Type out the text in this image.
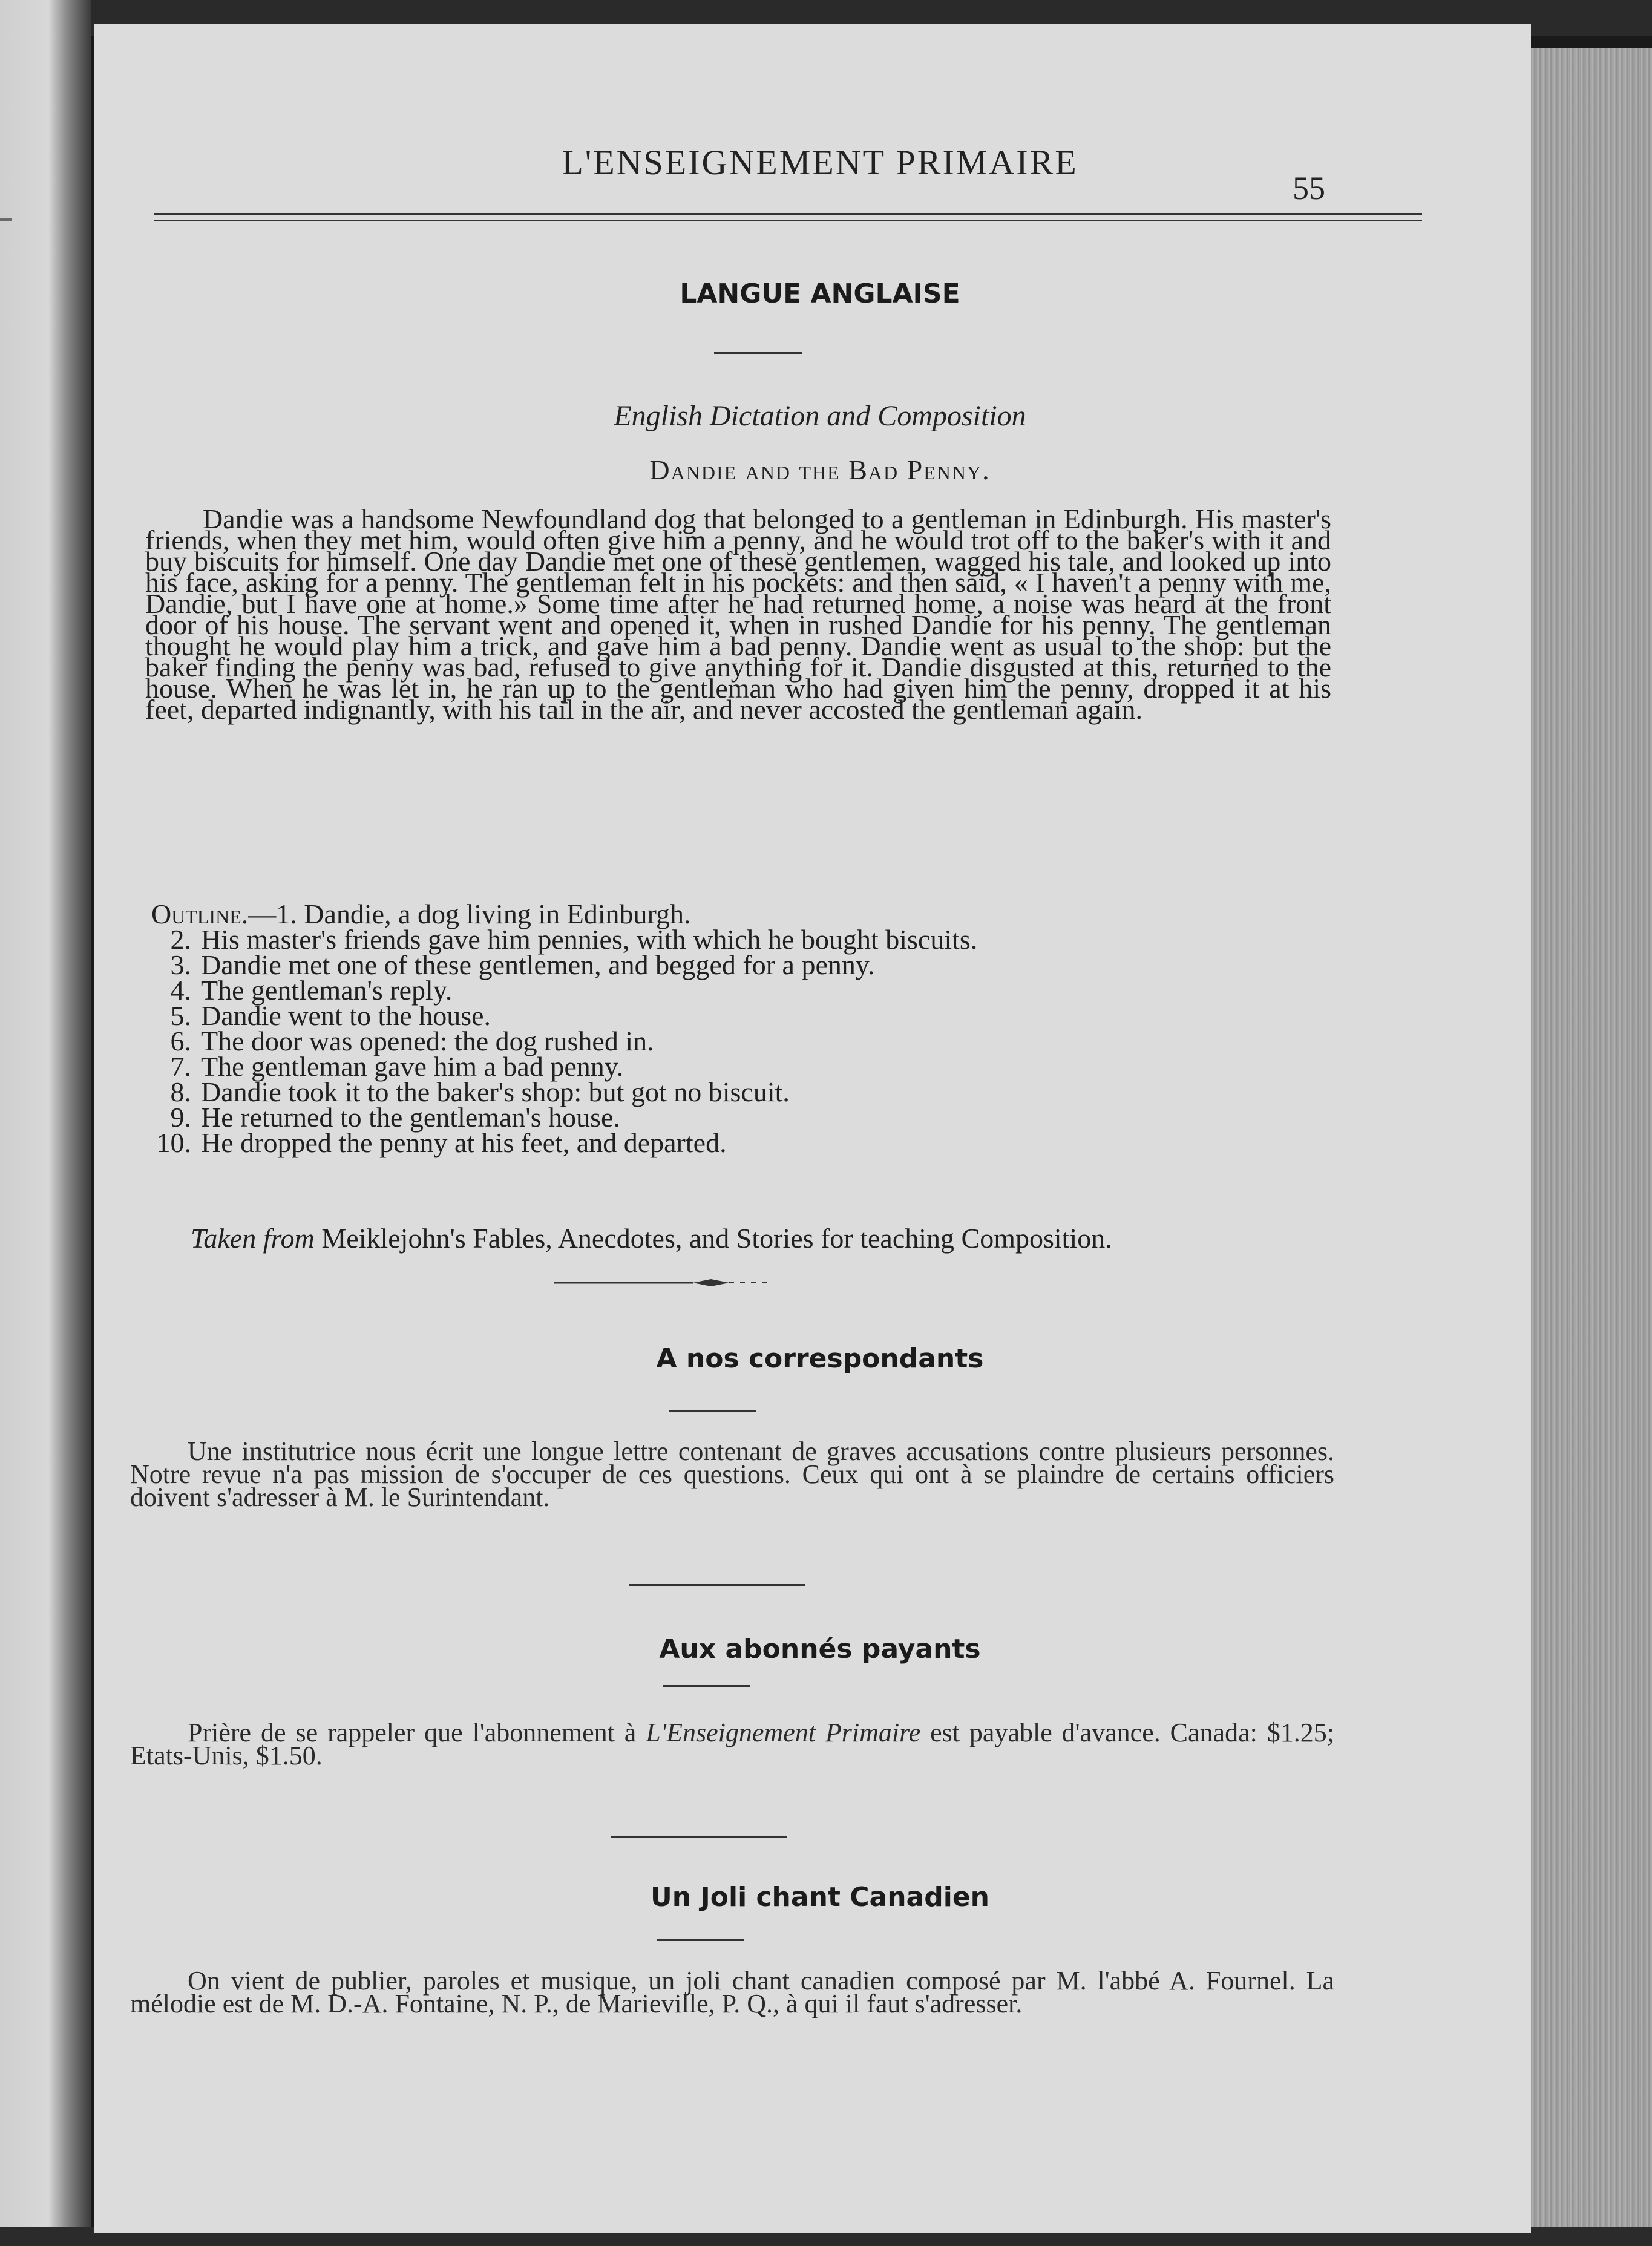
L'ENSEIGNEMENT PRIMAIRE
55
LANGUE ANGLAISE
English Dictation and Composition
Dandie and the Bad Penny.
Dandie was a handsome Newfoundland dog that belonged to a gentleman in Edinburgh. His master's friends, when they met him, would often give him a penny, and he would trot off to the baker's with it and buy biscuits for himself. One day Dandie met one of these gentlemen, wagged his tale, and looked up into his face, asking for a penny. The gentleman felt in his pockets: and then said, « I haven't a penny with me, Dandie, but I have one at home.» Some time after he had returned home, a noise was heard at the front door of his house. The servant went and opened it, when in rushed Dandie for his penny. The gentleman thought he would play him a trick, and gave him a bad penny. Dandie went as usual to the shop: but the baker finding the penny was bad, refused to give anything for it. Dandie disgusted at this, returned to the house. When he was let in, he ran up to the gentleman who had given him the penny, dropped it at his feet, departed indignantly, with his tail in the air, and never accosted the gentleman again.
Outline.—1. Dandie, a dog living in Edinburgh.
2. His master's friends gave him pennies, with which he bought biscuits.
3. Dandie met one of these gentlemen, and begged for a penny.
4. The gentleman's reply.
5. Dandie went to the house.
6. The door was opened: the dog rushed in.
7. The gentleman gave him a bad penny.
8. Dandie took it to the baker's shop: but got no biscuit.
9. He returned to the gentleman's house.
10. He dropped the penny at his feet, and departed.
Taken from Meiklejohn's Fables, Anecdotes, and Stories for teaching Composition.
A nos correspondants
Une institutrice nous écrit une longue lettre contenant de graves accusations contre plusieurs personnes. Notre revue n'a pas mission de s'occuper de ces questions. Ceux qui ont à se plaindre de certains officiers doivent s'adresser à M. le Surintendant.
Aux abonnés payants
Prière de se rappeler que l'abonnement à L'Enseignement Primaire est payable d'avance. Canada: $1.25; Etats-Unis, $1.50.
Un Joli chant Canadien
On vient de publier, paroles et musique, un joli chant canadien composé par M. l'abbé A. Fournel. La mélodie est de M. D.-A. Fontaine, N. P., de Marieville, P. Q., à qui il faut s'adresser.
